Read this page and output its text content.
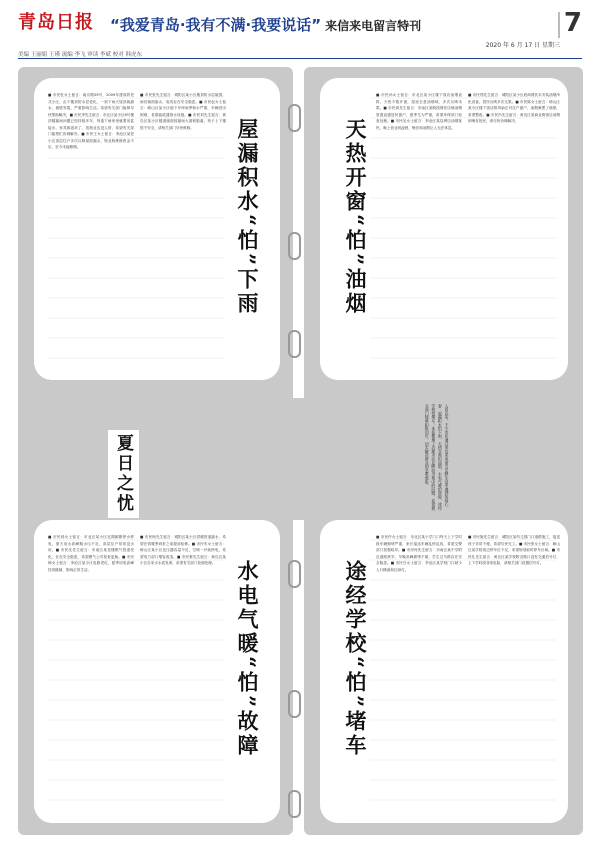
青岛日报 “我爱青岛·我有不满·我要说话” 来信来电留言特刊
2020 年 6 月 17 日 星期三
7
美编 王丽娟 王瑾 流编 李飞 审读 李斌 校对 韩虎东
■ 市民杜女士留言：南京路59号，2009年建成的老式小区，由于楼顶防水层老化，一到下雨天屋顶就漏水，墙壁发霉，严重影响生活。希望有关部门能够尽快帮助解决。■ 市民李先生留言：市北区某小区6号楼顶楼漏雨问题已经持续多年，每逢下雨家里就要用盆接水，家具都泡坏了，找物业也没人管，希望有关部门能帮忙协调解决。■ 市民王女士留言：李沧区某老小区顶层住户多次反映屋面漏水，物业称维修资金不足，至今未能修缮。
■ 市民张先生留言：城阳区某小区楼顶防水层破损，雨后墙面渗水，电线存在安全隐患。■ 市民赵女士留言：崂山区某小区地下车库雨季积水严重，车辆进出困难，希望能疏通排水设施。■ 市民刘先生留言：黄岛区某小区楼道墙面因漏雨大面积脱落，孩子上下楼很不安全，请相关部门尽快维修。	屋漏积水“怕”下雨	天热开窗“怕”油烟
■ 市民孙女士留言：市北区某小区楼下饭店油烟直排，天热不敢开窗，屋里全是油烟味，多次反映未果。■ 市民周先生留言：市南区某路段餐饮店铺油烟管道直通居民窗户，夏季尤为严重，希望环保部门检查处理。■ 市民吴女士留言：李沧区某烧烤店油烟扰民，晚上营业到凌晨，噪音和油烟让人无法休息。
■ 市民郑先生留言：城阳区某小区底商餐饮未安装油烟净化设备，居民反映多次无果。■ 市民陈女士留言：崂山区某小区楼下饭店排风扇正对住户窗户，油烟熏黑了墙壁，希望整改。■ 市民冯先生留言：黄岛区某商业街饭店油烟和噪音扰民，请尽快协调解决。
入夏以来，不少市民通过来信来电留言反映生活中遇到的烦心事：屋漏积水怕下雨，天热开窗怕油烟，水电气暖怕故障，途经学校怕堵车。本报梳理了近期市民反映较为集中的问题，希望相关部门能够积极回应，切实解决群众的急难愁盼。
夏日之忧
■ 市民蒋女士留言：市北区某小区近期频繁停水停电，夏天用水高峰期水压不足，高层住户常常没水用。■ 市民沈先生留言：市南区某老楼燃气管道老化，存在安全隐患，希望燃气公司检查更换。■ 市民韩女士留言：李沧区某小区电路老化，夏季用电高峰经常跳闸，影响正常生活。
■ 市民杨先生留言：城阳区某小区供暖管道漏水，希望在供暖季到来之前提前检修。■ 市民朱女士留言：崂山区某小区变压器容量不足，空调一开就停电，希望电力部门增容改造。■ 市民秦先生留言：黄岛区某小区自来水水质发黄，希望有关部门检测处理。 水电气暖“怕”故障	途经学校“怕”堵车
■ 市民许女士留言：市北区某小学门口每天上下学时段车辆拥堵严重，家长接送车辆乱停乱放，希望交警部门加强疏导。■ 市民何先生留言：市南区某中学附近道路狭窄，早晚高峰拥堵不堪，学生过马路存在安全隐患。■ 市民吕女士留言：李沧区某学校门口缺少人行横道和红绿灯。
■ 市民施先生留言：城阳区某幼儿园门口道路施工，接送孩子非常不便，希望尽快完工。■ 市民张女士留言：崂山区某学校周边停车位不足，希望规划临时停车区域。■ 市民孔先生留言：黄岛区某学校附近路口没有交通信号灯，上下学时段非常危险，请相关部门设置信号灯。
